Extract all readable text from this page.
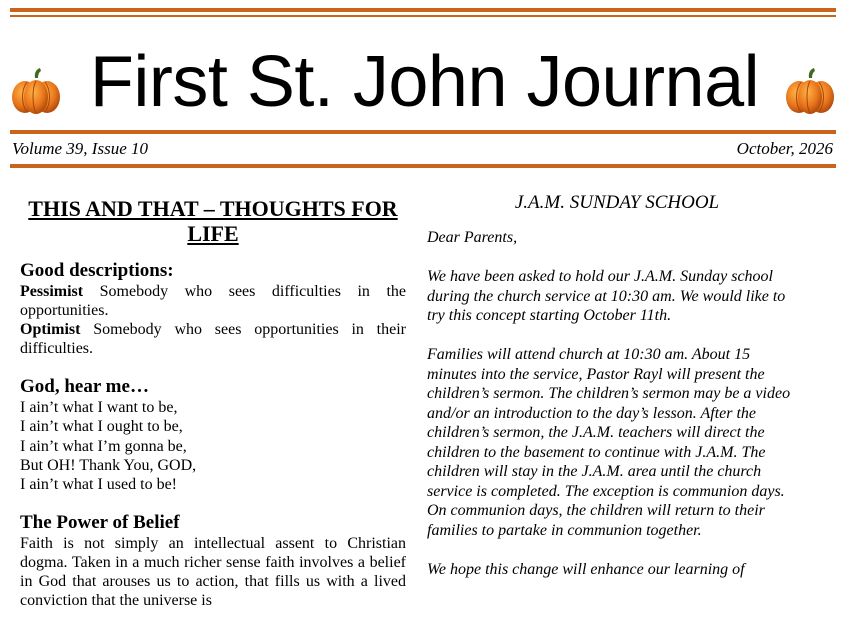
First St. John Journal
Volume 39, Issue 10	October, 2026

THIS AND THAT – THOUGHTS FOR LIFE

Good descriptions:

Pessimist Somebody who sees difficulties in the opportunities.

Optimist Somebody who sees opportunities in their difficulties.

God, hear me…

I ain’t what I want to be,

I ain’t what I ought to be,

I ain’t what I’m gonna be,

But OH! Thank You, GOD,

I ain’t what I used to be!

The Power of Belief

Faith is not simply an intellectual assent to Christian dogma. Taken in a much richer sense faith involves a belief in God that arouses us to action, that fills us with a lived conviction that the universe is

J.A.M. SUNDAY SCHOOL

Dear Parents,

We have been asked to hold our J.A.M. Sunday school during the church service at 10:30 am. We would like to try this concept starting October 11th.

Families will attend church at 10:30 am. About 15 minutes into the service, Pastor Rayl will present the children’s sermon. The children’s sermon may be a video and/or an introduction to the day’s lesson. After the children’s sermon, the J.A.M. teachers will direct the children to the basement to continue with J.A.M. The children will stay in the J.A.M. area until the church service is completed. The exception is communion days. On communion days, the children will return to their families to partake in communion together.

We hope this change will enhance our learning of
